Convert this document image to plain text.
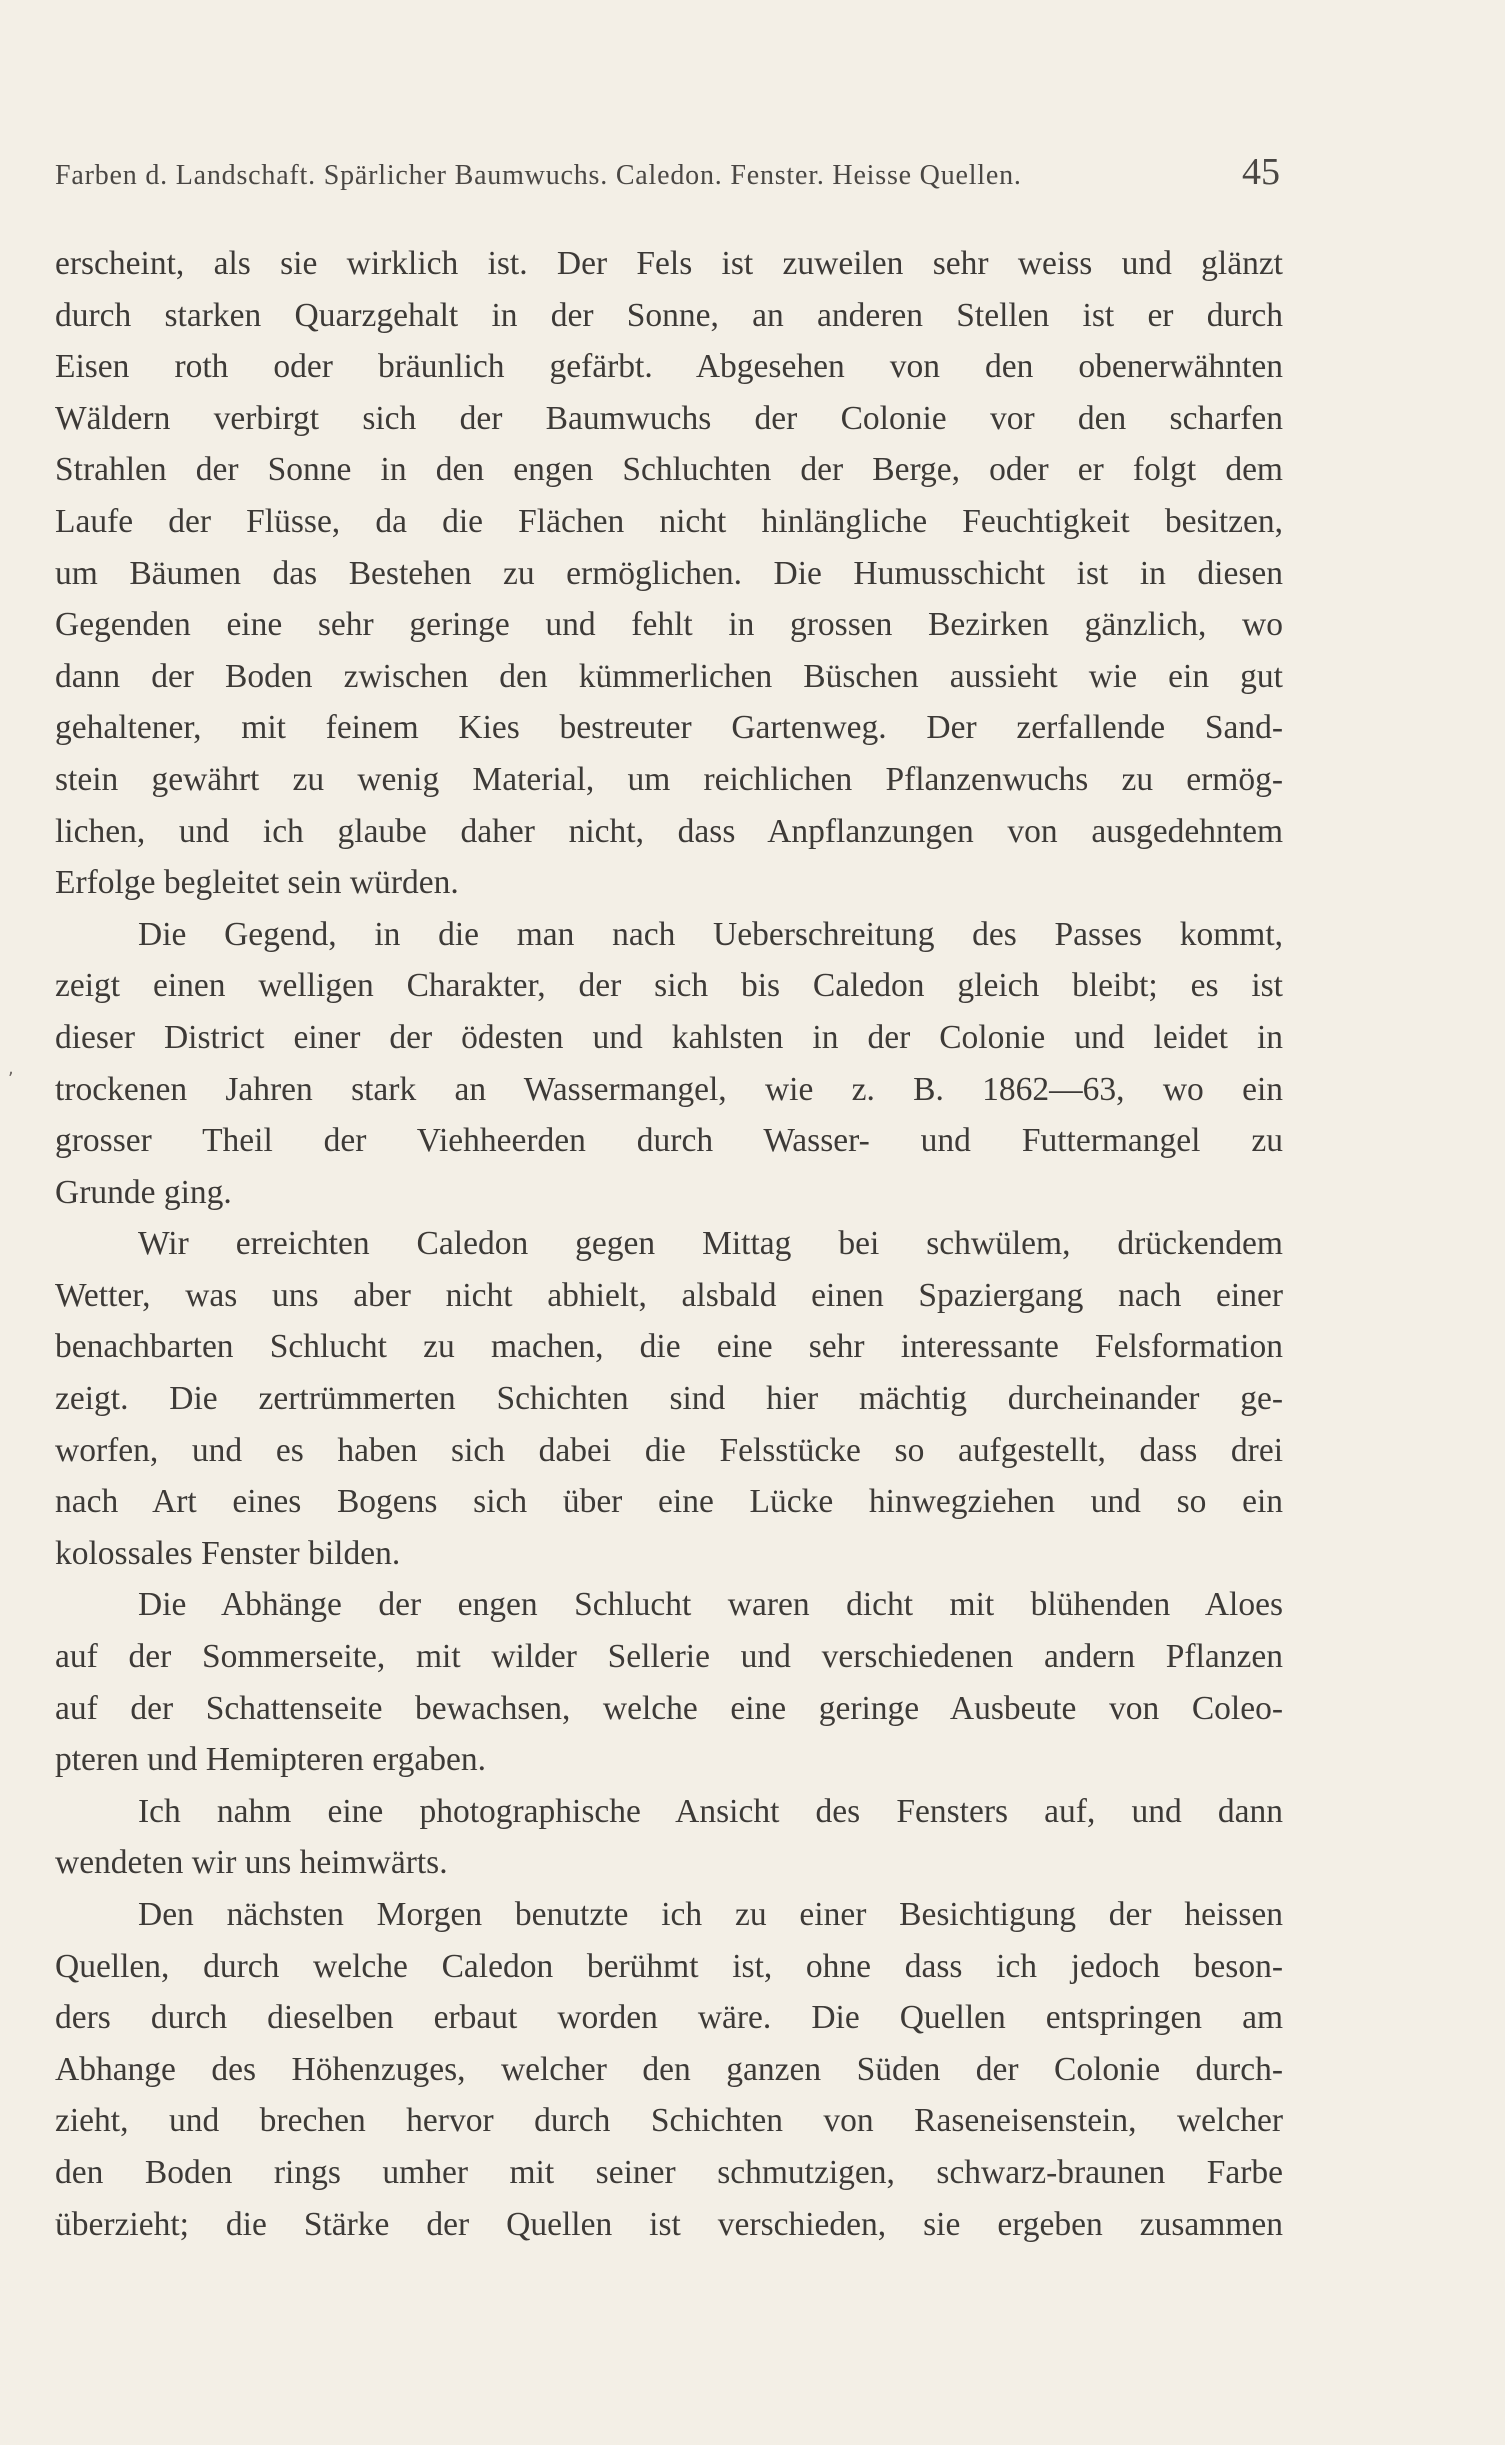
Farben d. Landschaft. Spärlicher Baumwuchs. Caledon. Fenster. Heisse Quellen.	45
,
erscheint, als sie wirklich ist. Der Fels ist zuweilen sehr weiss und glänzt
durch starken Quarzgehalt in der Sonne, an anderen Stellen ist er durch
Eisen roth oder bräunlich gefärbt. Abgesehen von den obenerwähnten
Wäldern verbirgt sich der Baumwuchs der Colonie vor den scharfen
Strahlen der Sonne in den engen Schluchten der Berge, oder er folgt dem
Laufe der Flüsse, da die Flächen nicht hinlängliche Feuchtigkeit besitzen,
um Bäumen das Bestehen zu ermöglichen. Die Humusschicht ist in diesen
Gegenden eine sehr geringe und fehlt in grossen Bezirken gänzlich, wo
dann der Boden zwischen den kümmerlichen Büschen aussieht wie ein gut
gehaltener, mit feinem Kies bestreuter Gartenweg. Der zerfallende Sand-
stein gewährt zu wenig Material, um reichlichen Pflanzenwuchs zu ermög-
lichen, und ich glaube daher nicht, dass Anpflanzungen von ausgedehntem
Erfolge begleitet sein würden.
Die Gegend, in die man nach Ueberschreitung des Passes kommt,
zeigt einen welligen Charakter, der sich bis Caledon gleich bleibt; es ist
dieser District einer der ödesten und kahlsten in der Colonie und leidet in
trockenen Jahren stark an Wassermangel, wie z. B. 1862—63, wo ein
grosser Theil der Viehheerden durch Wasser- und Futtermangel zu
Grunde ging.
Wir erreichten Caledon gegen Mittag bei schwülem, drückendem
Wetter, was uns aber nicht abhielt, alsbald einen Spaziergang nach einer
benachbarten Schlucht zu machen, die eine sehr interessante Felsformation
zeigt. Die zertrümmerten Schichten sind hier mächtig durcheinander ge-
worfen, und es haben sich dabei die Felsstücke so aufgestellt, dass drei
nach Art eines Bogens sich über eine Lücke hinwegziehen und so ein
kolossales Fenster bilden.
Die Abhänge der engen Schlucht waren dicht mit blühenden Aloes
auf der Sommerseite, mit wilder Sellerie und verschiedenen andern Pflanzen
auf der Schattenseite bewachsen, welche eine geringe Ausbeute von Coleo-
pteren und Hemipteren ergaben.
Ich nahm eine photographische Ansicht des Fensters auf, und dann
wendeten wir uns heimwärts.
Den nächsten Morgen benutzte ich zu einer Besichtigung der heissen
Quellen, durch welche Caledon berühmt ist, ohne dass ich jedoch beson-
ders durch dieselben erbaut worden wäre. Die Quellen entspringen am
Abhange des Höhenzuges, welcher den ganzen Süden der Colonie durch-
zieht, und brechen hervor durch Schichten von Raseneisenstein, welcher
den Boden rings umher mit seiner schmutzigen, schwarz-braunen Farbe
überzieht; die Stärke der Quellen ist verschieden, sie ergeben zusammen
